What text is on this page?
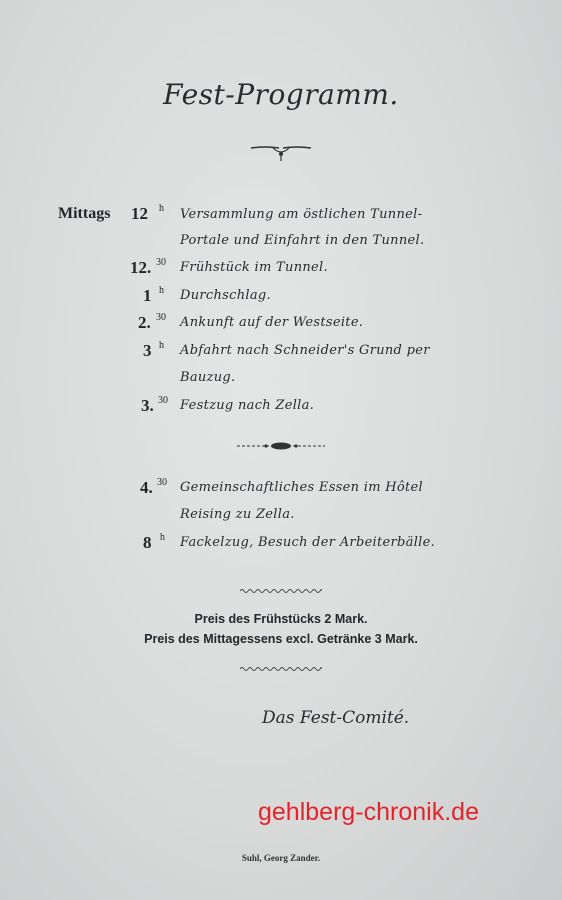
Fest-Programm.
Mittags 12 h Versammlung am östlichen Tunnel-
Portale und Einfahrt in den Tunnel.
12. 30 Frühstück im Tunnel.
1 h Durchschlag.
2. 30 Ankunft auf der Westseite.
3 h Abfahrt nach Schneider's Grund per
Bauzug.
3. 30 Festzug nach Zella.
4. 30 Gemeinschaftliches Essen im Hôtel
Reising zu Zella.
8 h Fackelzug, Besuch der Arbeiterbälle.
Preis des Frühstücks 2 Mark.
Preis des Mittagessens excl. Getränke 3 Mark.
Das Fest-Comité.
gehlberg-chronik.de
Suhl, Georg Zander.
